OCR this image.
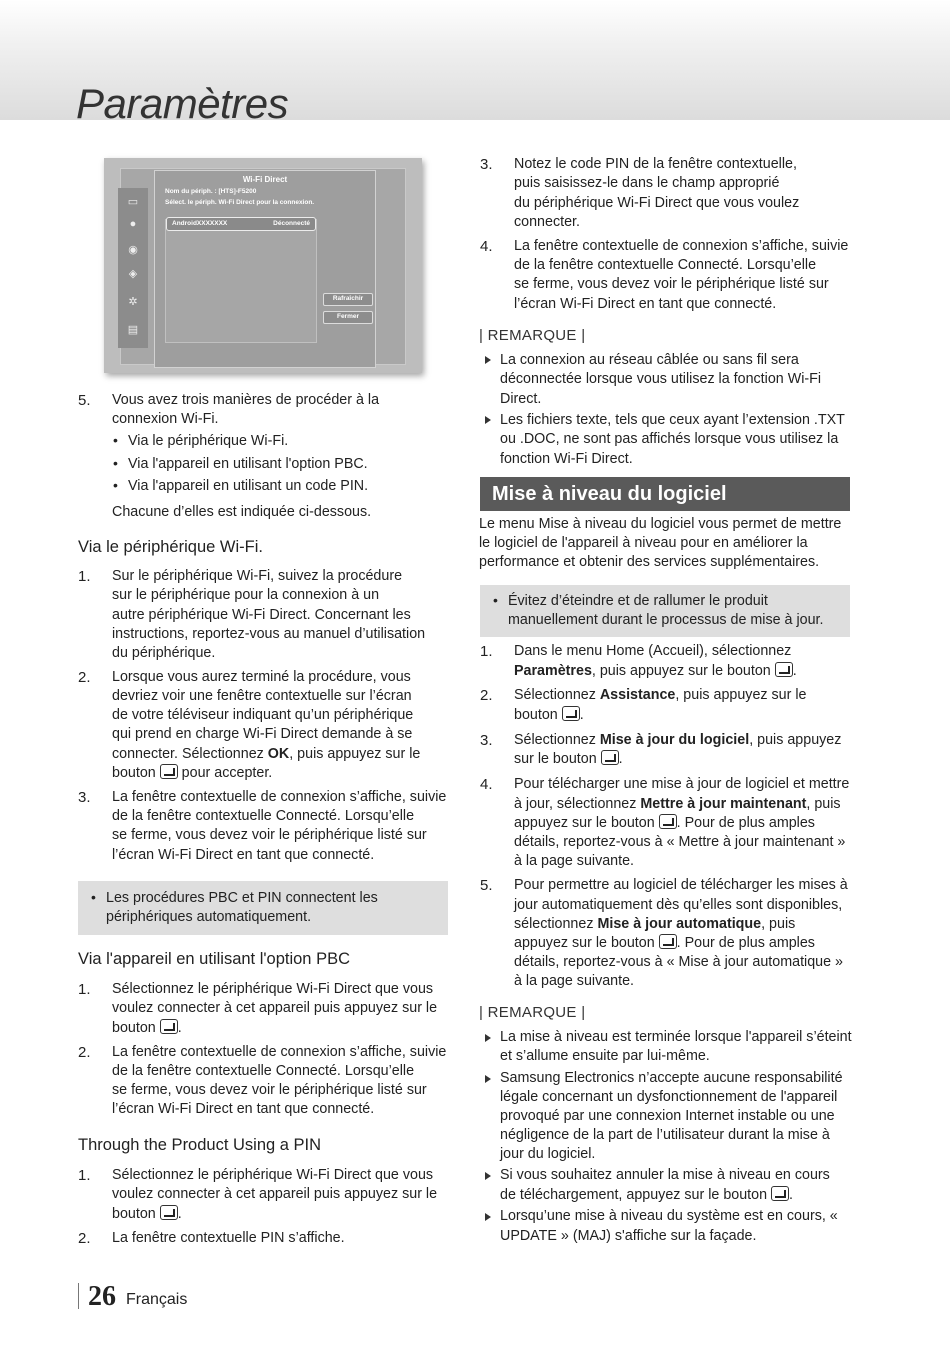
Paramètres
▭
●
◉
◈
✲
▤
Wi-Fi Direct
Nom du périph. : [HTS]-F5200
Sélect. le périph. Wi-Fi Direct pour la connexion.
AndroidXXXXXXX	Déconnecté
Rafraîchir
Fermer
5. Vous avez trois manières de procéder à la
connexion Wi-Fi.
• Via le périphérique Wi-Fi.
• Via l'appareil en utilisant l'option PBC.
• Via l'appareil en utilisant un code PIN.
Chacune d’elles est indiquée ci-dessous.
Via le périphérique Wi-Fi.
1. Sur le périphérique Wi-Fi, suivez la procédure
sur le périphérique pour la connexion à un
autre périphérique Wi-Fi Direct. Concernant les
instructions, reportez-vous au manuel d’utilisation
du périphérique.
2. Lorsque vous aurez terminé la procédure, vous
devriez voir une fenêtre contextuelle sur l’écran
de votre téléviseur indiquant qu’un périphérique
qui prend en charge Wi-Fi Direct demande à se
connecter. Sélectionnez OK, puis appuyez sur le
bouton  pour accepter.
3. La fenêtre contextuelle de connexion s’affiche, suivie
de la fenêtre contextuelle Connecté. Lorsqu’elle
se ferme, vous devez voir le périphérique listé sur
l’écran Wi-Fi Direct en tant que connecté.
• Les procédures PBC et PIN connectent les
périphériques automatiquement.
Via l'appareil en utilisant l'option PBC
1. Sélectionnez le périphérique Wi-Fi Direct que vous
voulez connecter à cet appareil puis appuyez sur le
bouton .
2. La fenêtre contextuelle de connexion s’affiche, suivie
de la fenêtre contextuelle Connecté. Lorsqu’elle
se ferme, vous devez voir le périphérique listé sur
l’écran Wi-Fi Direct en tant que connecté.
Through the Product Using a PIN
1. Sélectionnez le périphérique Wi-Fi Direct que vous
voulez connecter à cet appareil puis appuyez sur le
bouton .
2. La fenêtre contextuelle PIN s’affiche.
3. Notez le code PIN de la fenêtre contextuelle,
puis saisissez-le dans le champ approprié
du périphérique Wi-Fi Direct que vous voulez
connecter.
4. La fenêtre contextuelle de connexion s’affiche, suivie
de la fenêtre contextuelle Connecté. Lorsqu’elle
se ferme, vous devez voir le périphérique listé sur
l’écran Wi-Fi Direct en tant que connecté.
| REMARQUE |
La connexion au réseau câblée ou sans fil sera
déconnectée lorsque vous utilisez la fonction Wi-Fi
Direct.
Les fichiers texte, tels que ceux ayant l’extension .TXT
ou .DOC, ne sont pas affichés lorsque vous utilisez la
fonction Wi-Fi Direct.
Mise à niveau du logiciel
Le menu Mise à niveau du logiciel vous permet de mettre
le logiciel de l'appareil à niveau pour en améliorer la
performance et obtenir des services supplémentaires.
• Évitez d’éteindre et de rallumer le produit
manuellement durant le processus de mise à jour.
1. Dans le menu Home (Accueil), sélectionnez
Paramètres, puis appuyez sur le bouton .
2. Sélectionnez Assistance, puis appuyez sur le
bouton .
3. Sélectionnez Mise à jour du logiciel, puis appuyez
sur le bouton .
4. Pour télécharger une mise à jour de logiciel et mettre
à jour, sélectionnez Mettre à jour maintenant, puis
appuyez sur le bouton . Pour de plus amples
détails, reportez-vous à « Mettre à jour maintenant »
à la page suivante.
5. Pour permettre au logiciel de télécharger les mises à
jour automatiquement dès qu’elles sont disponibles,
sélectionnez Mise à jour automatique, puis
appuyez sur le bouton . Pour de plus amples
détails, reportez-vous à « Mise à jour automatique »
à la page suivante.
| REMARQUE |
La mise à niveau est terminée lorsque l'appareil s’éteint
et s’allume ensuite par lui-même.
Samsung Electronics n’accepte aucune responsabilité
légale concernant un dysfonctionnement de l'appareil
provoqué par une connexion Internet instable ou une
négligence de la part de l’utilisateur durant la mise à
jour du logiciel.
Si vous souhaitez annuler la mise à niveau en cours
de téléchargement, appuyez sur le bouton .
Lorsqu’une mise à niveau du système est en cours, «
UPDATE » (MAJ) s'affiche sur la façade.
26 Français
